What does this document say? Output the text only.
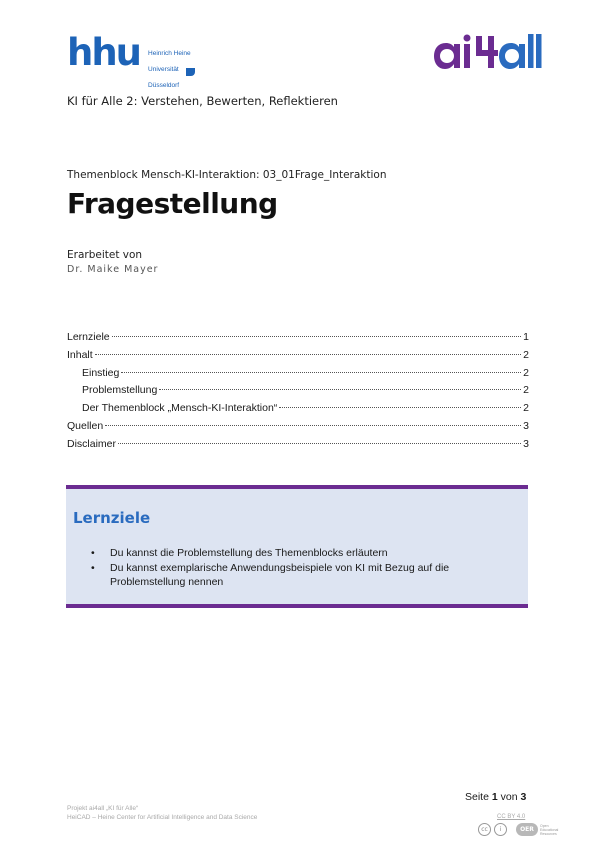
hhu Heinrich Heine

Universität

Düsseldorf

KI für Alle 2: Verstehen, Bewerten, Reflektieren
Themenblock Mensch-KI-Interaktion: 03_01Frage_Interaktion
Fragestellung
Erarbeitet von
Dr. Maike Mayer
Lernziele	1
Inhalt	2
Einstieg	2
Problemstellung	2
Der Themenblock „Mensch-KI-Interaktion“	2
Quellen	3
Disclaimer	3
Lernziele
• Du kannst die Problemstellung des Themenblocks erläutern
• Du kannst exemplarische Anwendungsbeispiele von KI mit Bezug auf die Problemstellung nennen
Seite 1 von 3
Projekt ai4all „KI für Alle“
HeiCAD – Heine Center for Artificial Intelligence and Data Science	CC BY 4.0
cc	i	OER
Open
Educational
Resources
